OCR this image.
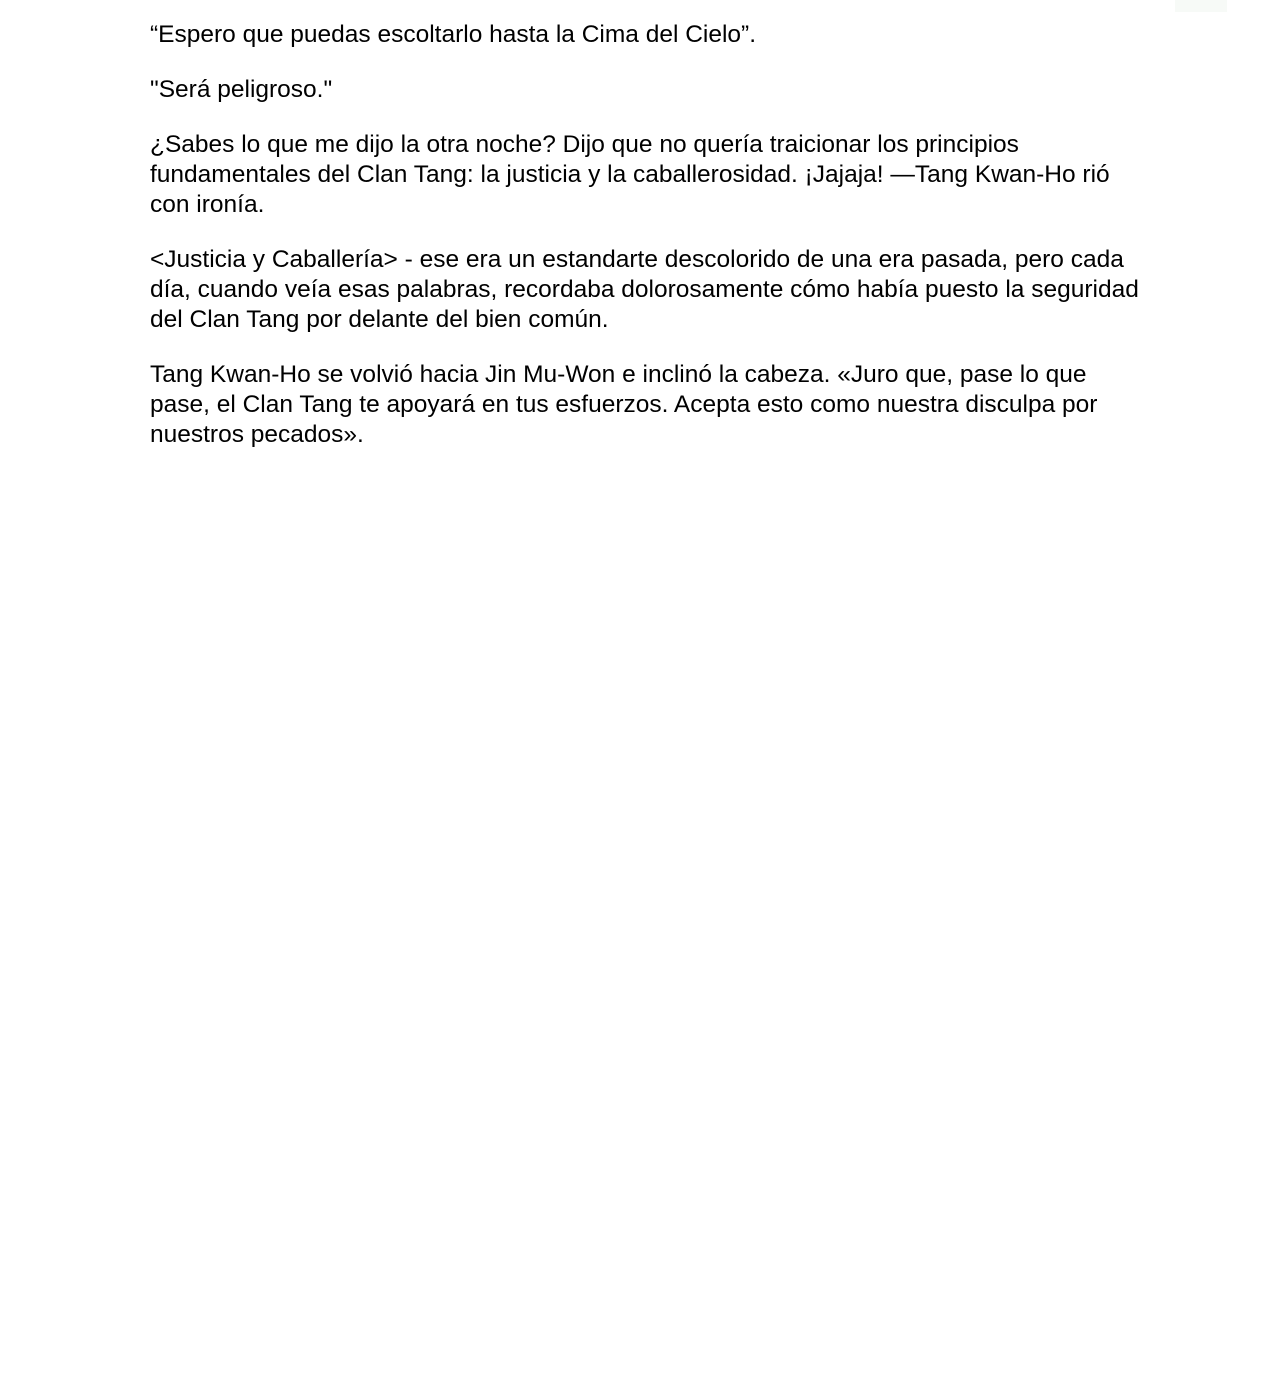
“Espero que puedas escoltarlo hasta la Cima del Cielo”.

"Será peligroso."

¿Sabes lo que me dijo la otra noche? Dijo que no quería traicionar los principios fundamentales del Clan Tang: la justicia y la caballerosidad. ¡Jajaja! —Tang Kwan-Ho rió con ironía.

<Justicia y Caballería> - ese era un estandarte descolorido de una era pasada, pero cada día, cuando veía esas palabras, recordaba dolorosamente cómo había puesto la seguridad del Clan Tang por delante del bien común.

Tang Kwan-Ho se volvió hacia Jin Mu-Won e inclinó la cabeza. «Juro que, pase lo que pase, el Clan Tang te apoyará en tus esfuerzos. Acepta esto como nuestra disculpa por nuestros pecados».
